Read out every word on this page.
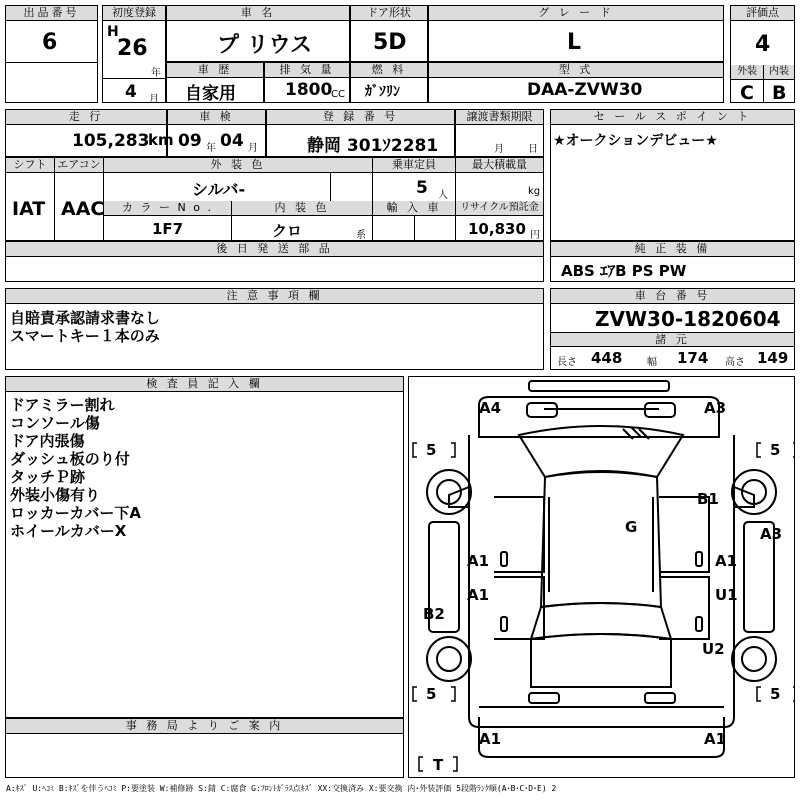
出品番号
6
初度登録
H
26
年
4 月
車 名
プ リウス
ドア形状
5D
グ レ ー ド
L
評価点
4
外装	内装
C B
車 歴
自家用
排 気 量
1800
CC
燃 料
ｶﾞｿﾘﾝ
型 式
DAA-ZVW30
走 行
105,283
km
車 検
09 年 04 月
登 録 番 号
静岡 301ｿ2281
譲渡書類期限
月 日
セ ー ル ス ポ イ ン ト
★オークションデビュー★
シフト
IAT
エアコン
AAC
外 装 色
シルバ-
乗車定員
5 人
最大積載量
kg
カ ラ ー N o .
1F7
内 装 色
クロ	系
輸 入 車	リサイクル預託金
10,830 円
後 日 発 送 部 品	純 正 装 備
ABS ｴｱB PS PW
注 意 事 項 欄
自賠責承認請求書なし
スマートキー１本のみ
車 台 番 号
ZVW30-1820604
諸 元
長さ 448 幅 174 高さ 149
検 査 員 記 入 欄
ドアミラー割れ
コンソール傷
ドア内張傷
ダッシュ板のり付
タッチＰ跡
外装小傷有り
ロッカーカバー下A
ホイールカバーX
事 務 局 よ り ご 案 内
A4	A3
B1
A3
G
A1	A1
A1	U1
B2
U2
A1	A1
T
5	5
5	5
A:ｷｽﾞ U:ﾍｺﾐ B:ｷｽﾞを伴うﾍｺﾐ P:要塗装 W:補修跡 S:錆 C:腐食 G:ﾌﾛﾝﾄｶﾞﾗｽ点ｷｽﾞ XX:交換済み X:要交換 内･外装評価 5段階ﾗﾝｸ順(A･B･C･D･E) 2
